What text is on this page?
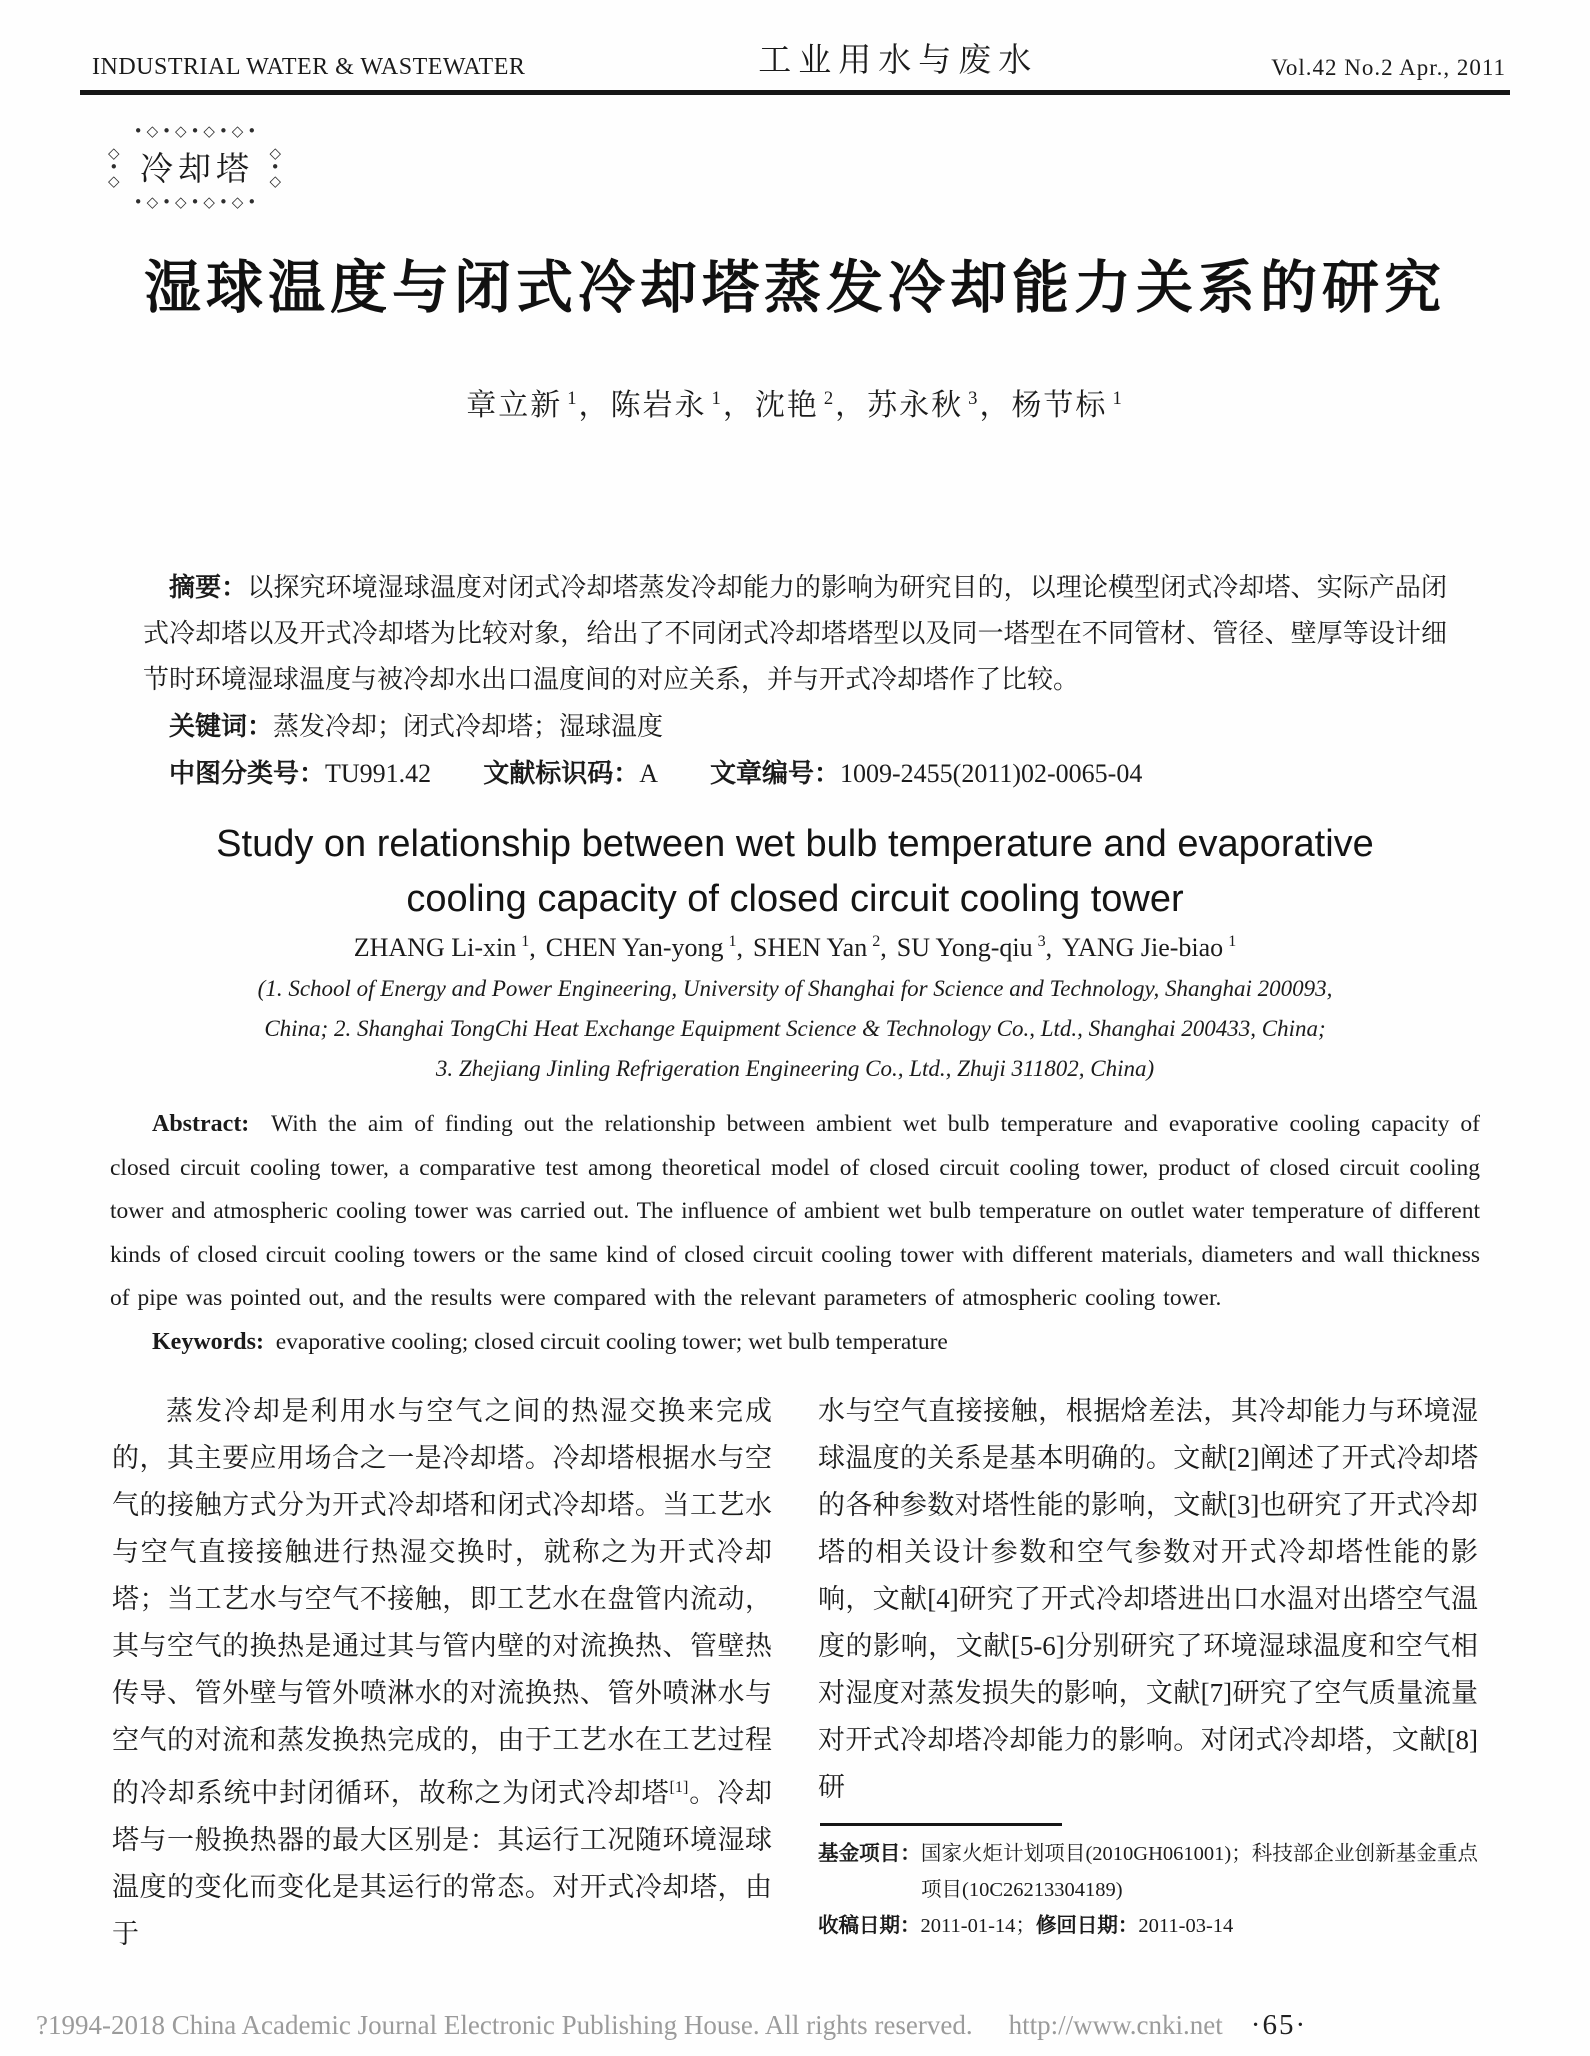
INDUSTRIAL WATER & WASTEWATER	工业用水与废水	Vol.42 No.2 Apr., 2011
◇ • ◇
•◇•◇•◇•◇• 冷却塔
◇ • ◇
•◇•◇•◇•◇•
湿球温度与闭式冷却塔蒸发冷却能力关系的研究
章立新 $^1$，陈岩永 $^1$，沈艳 $^2$，苏永秋 $^3$，杨节标 $^1$

摘要：以探究环境湿球温度对闭式冷却塔蒸发冷却能力的影响为研究目的，以理论模型闭式冷却塔、实际产品闭式冷却塔以及开式冷却塔为比较对象，给出了不同闭式冷却塔塔型以及同一塔型在不同管材、管径、壁厚等设计细节时环境湿球温度与被冷却水出口温度间的对应关系，并与开式冷却塔作了比较。

关键词：蒸发冷却；闭式冷却塔；湿球温度

中图分类号：TU991.42 文献标识码：A 文章编号：1009-2455(2011)02-0065-04

Study on relationship between wet bulb temperature and evaporative cooling capacity of closed circuit cooling tower
ZHANG Li-xin $^1$, CHEN Yan-yong $^1$, SHEN Yan $^2$, SU Yong-qiu $^3$, YANG Jie-biao $^1$
(1. School of Energy and Power Engineering, University of Shanghai for Science and Technology, Shanghai 200093,
China; 2. Shanghai TongChi Heat Exchange Equipment Science & Technology Co., Ltd., Shanghai 200433, China;
3. Zhejiang Jinling Refrigeration Engineering Co., Ltd., Zhuji 311802, China)

Abstract: With the aim of finding out the relationship between ambient wet bulb temperature and evaporative cooling capacity of closed circuit cooling tower, a comparative test among theoretical model of closed circuit cooling tower, product of closed circuit cooling tower and atmospheric cooling tower was carried out. The influence of ambient wet bulb temperature on outlet water temperature of different kinds of closed circuit cooling towers or the same kind of closed circuit cooling tower with different materials, diameters and wall thickness of pipe was pointed out, and the results were compared with the relevant parameters of atmospheric cooling tower.

Keywords: evaporative cooling; closed circuit cooling tower; wet bulb temperature

蒸发冷却是利用水与空气之间的热湿交换来完成的，其主要应用场合之一是冷却塔。冷却塔根据水与空气的接触方式分为开式冷却塔和闭式冷却塔。当工艺水与空气直接接触进行热湿交换时，就称之为开式冷却塔；当工艺水与空气不接触，即工艺水在盘管内流动，其与空气的换热是通过其与管内壁的对流换热、管壁热传导、管外壁与管外喷淋水的对流换热、管外喷淋水与空气的对流和蒸发换热完成的，由于工艺水在工艺过程的冷却系统中封闭循环，故称之为闭式冷却塔[1]。冷却塔与一般换热器的最大区别是：其运行工况随环境湿球温度的变化而变化是其运行的常态。对开式冷却塔，由于

水与空气直接接触，根据焓差法，其冷却能力与环境湿球温度的关系是基本明确的。文献[2]阐述了开式冷却塔的各种参数对塔性能的影响，文献[3]也研究了开式冷却塔的相关设计参数和空气参数对开式冷却塔性能的影响，文献[4]研究了开式冷却塔进出口水温对出塔空气温度的影响，文献[5-6]分别研究了环境湿球温度和空气相对湿度对蒸发损失的影响，文献[7]研究了空气质量流量对开式冷却塔冷却能力的影响。对闭式冷却塔，文献[8]研

基金项目：国家火炬计划项目(2010GH061001)；科技部企业创新基金重点项目(10C26213304189)

收稿日期：2011-01-14；修回日期：2011-03-14

?1994-2018 China Academic Journal Electronic Publishing House. All rights reserved. http://www.cnki.net ·65·
